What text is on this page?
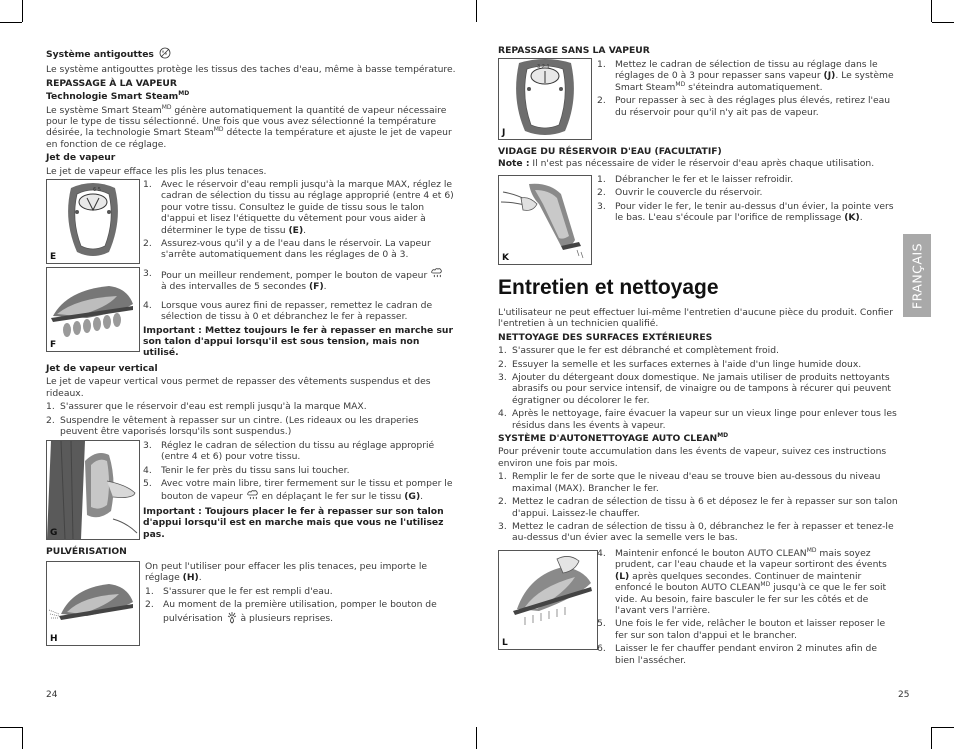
Système antigouttes
Le système antigouttes protège les tissus des taches d'eau, même à basse température.
REPASSAGE À LA VAPEUR
Technologie Smart Steam$^{MD}$
Le système Smart Steam$^{MD}$ génère automatiquement la quantité de vapeur nécessaire pour le type de tissu sélectionné. Une fois que vous avez sélectionné la température désirée, la technologie Smart Steam$^{MD}$ détecte la température et ajuste le jet de vapeur en fonction de ce réglage.
Jet de vapeur
Le jet de vapeur efface les plis les plus tenaces.
6 5
E
1. Avec le réservoir d'eau rempli jusqu'à la marque MAX, réglez le cadran de sélection du tissu au réglage approprié (entre 4 et 6) pour votre tissu. Consultez le guide de tissu sous le talon d'appui et lisez l'étiquette du vêtement pour vous aider à déterminer le type de tissu (E).
2. Assurez-vous qu'il y a de l'eau dans le réservoir. La vapeur s'arrête automatiquement dans les réglages de 0 à 3.
F
3. Pour un meilleur rendement, pomper le bouton de vapeur
à des intervalles de 5 secondes (F).
4. Lorsque vous aurez fini de repasser, remettez le cadran de sélection de tissu à 0 et débranchez le fer à repasser.
Important : Mettez toujours le fer à repasser en marche sur son talon d'appui lorsqu'il est sous tension, mais non utilisé.
Jet de vapeur vertical
Le jet de vapeur vertical vous permet de repasser des vêtements suspendus et des rideaux.
1. S'assurer que le réservoir d'eau est rempli jusqu'à la marque MAX.
2. Suspendre le vêtement à repasser sur un cintre. (Les rideaux ou les draperies peuvent être vaporisés lorsqu'ils sont suspendus.)
G
3. Réglez le cadran de sélection du tissu au réglage approprié (entre 4 et 6) pour votre tissu.
4. Tenir le fer près du tissu sans lui toucher.
5. Avec votre main libre, tirer fermement sur le tissu et pomper le bouton de vapeur  en déplaçant le fer sur le tissu (G).
Important : Toujours placer le fer à repasser sur son talon d'appui lorsqu'il est en marche mais que vous ne l'utilisez pas.
PULVÉRISATION
H
On peut l'utiliser pour effacer les plis tenaces, peu importe le réglage (H).
1. S'assurer que le fer est rempli d'eau.
2. Au moment de la première utilisation, pomper le bouton de pulvérisation  à plusieurs reprises.
24
REPASSAGE SANS LA VAPEUR
3 2 1
J
1. Mettez le cadran de sélection de tissu au réglage dans le réglages de 0 à 3 pour repasser sans vapeur (J). Le système Smart Steam$^{MD}$ s'éteindra automatiquement.
2. Pour repasser à sec à des réglages plus élevés, retirez l'eau du réservoir pour qu'il n'y ait pas de vapeur.
VIDAGE DU RÉSERVOIR D'EAU (FACULTATIF)
Note : Il n'est pas nécessaire de vider le réservoir d'eau après chaque utilisation.
K
1. Débrancher le fer et le laisser refroidir.
2. Ouvrir le couvercle du réservoir.
3. Pour vider le fer, le tenir au-dessus d'un évier, la pointe vers le bas. L'eau s'écoule par l'orifice de remplissage (K).
Entretien et nettoyage
L'utilisateur ne peut effectuer lui-même l'entretien d'aucune pièce du produit. Confier l'entretien à un technicien qualifié.
NETTOYAGE DES SURFACES EXTÉRIEURES
1. S'assurer que le fer est débranché et complètement froid.
2. Essuyer la semelle et les surfaces externes à l'aide d'un linge humide doux.
3. Ajouter du détergeant doux domestique. Ne jamais utiliser de produits nettoyants abrasifs ou pour service intensif, de vinaigre ou de tampons à récurer qui peuvent égratigner ou décolorer le fer.
4. Après le nettoyage, faire évacuer la vapeur sur un vieux linge pour enlever tous les résidus dans les évents à vapeur.
SYSTÈME D'AUTONETTOYAGE AUTO $CLEAN^{MD}$
Pour prévenir toute accumulation dans les évents de vapeur, suivez ces instructions environ une fois par mois.
1. Remplir le fer de sorte que le niveau d'eau se trouve bien au-dessous du niveau maximal (MAX). Brancher le fer.
2. Mettez le cadran de sélection de tissu à 6 et déposez le fer à repasser sur son talon d'appui. Laissez-le chauffer.
3. Mettez le cadran de sélection de tissu à 0, débranchez le fer à repasser et tenez-le au-dessus d'un évier avec la semelle vers le bas.
L
4. Maintenir enfoncé le bouton AUTO $CLEAN^{MD}$ mais soyez prudent, car l'eau chaude et la vapeur sortiront des évents (L) après quelques secondes. Continuer de maintenir enfoncé le bouton AUTO $CLEAN^{MD}$ jusqu'à ce que le fer soit vide. Au besoin, faire basculer le fer sur les côtés et de l'avant vers l'arrière.
5. Une fois le fer vide, relâcher le bouton et laisser reposer le fer sur son talon d'appui et le brancher.
6. Laisser le fer chauffer pendant environ 2 minutes afin de bien l'assécher.
FRANÇAIS
25
